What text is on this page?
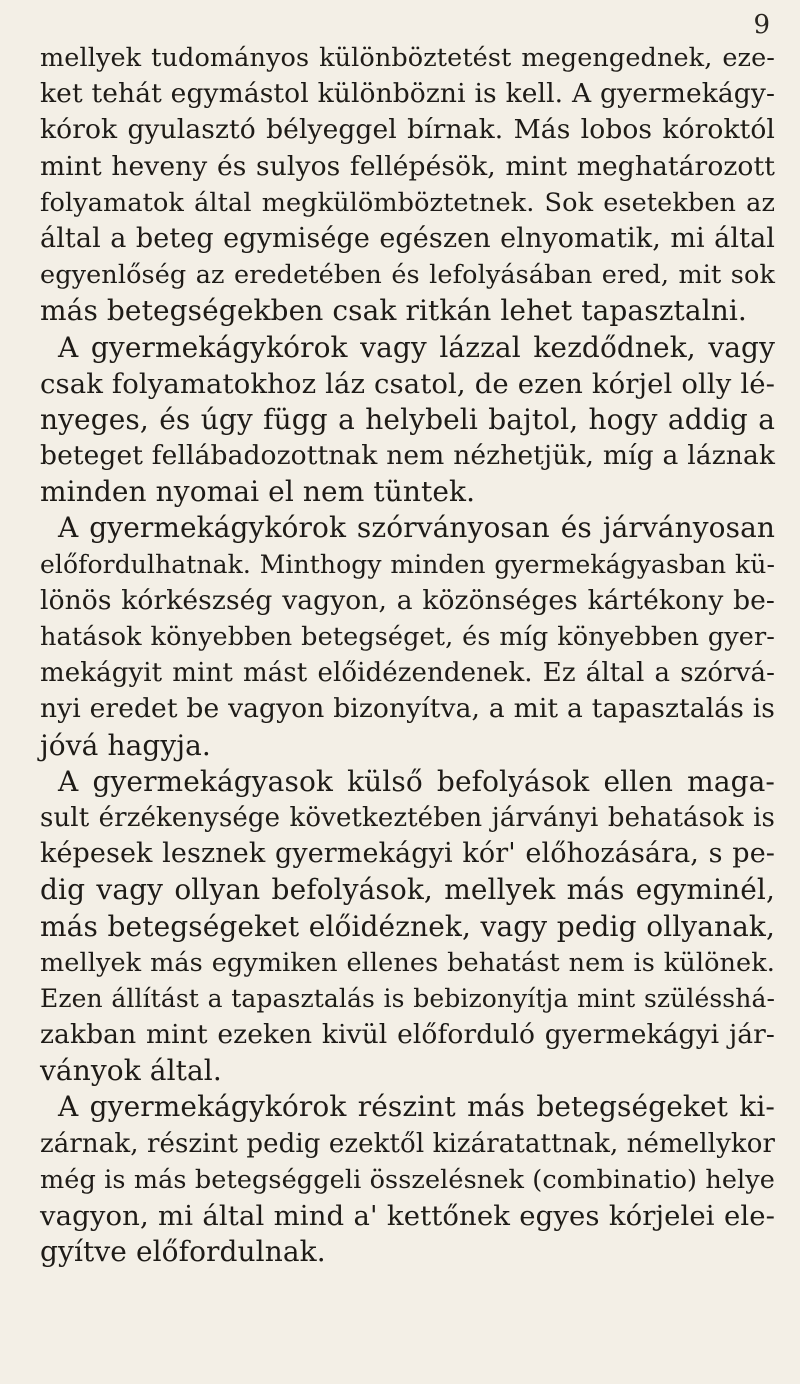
9
mellyek tudományos különböztetést megengednek, eze-
ket tehát egymástol különbözni is kell. A gyermekágy-
kórok gyulasztó bélyeggel bírnak. Más lobos kóroktól
mint heveny és sulyos fellépésök, mint meghatározott
folyamatok által megkülömböztetnek. Sok esetekben az
által a beteg egymisége egészen elnyomatik, mi által
egyenlőség az eredetében és lefolyásában ered, mit sok
más betegségekben csak ritkán lehet tapasztalni.
A gyermekágykórok vagy lázzal kezdődnek, vagy
csak folyamatokhoz láz csatol, de ezen kórjel olly lé-
nyeges, és úgy függ a helybeli bajtol, hogy addig a
beteget fellábadozottnak nem nézhetjük, míg a láznak
minden nyomai el nem tüntek.
A gyermekágykórok szórványosan és járványosan
előfordulhatnak. Minthogy minden gyermekágyasban kü-
lönös kórkészség vagyon, a közönséges kártékony be-
hatások könyebben betegséget, és míg könyebben gyer-
mekágyit mint mást előidézendenek. Ez által a szórvá-
nyi eredet be vagyon bizonyítva, a mit a tapasztalás is
jóvá hagyja.
A gyermekágyasok külső befolyások ellen maga-
sult érzékenysége következtében járványi behatások is
képesek lesznek gyermekágyi kór' előhozására, s pe-
dig vagy ollyan befolyások, mellyek más egyminél,
más betegségeket előidéznek, vagy pedig ollyanak,
mellyek más egymiken ellenes behatást nem is különek.
Ezen állítást a tapasztalás is bebizonyítja mint szülésshá-
zakban mint ezeken kivül előforduló gyermekágyi jár-
ványok által.
A gyermekágykórok részint más betegségeket ki-
zárnak, részint pedig ezektől kizáratattnak, némellykor
még is más betegséggeli összelésnek (combinatio) helye
vagyon, mi által mind a' kettőnek egyes kórjelei ele-
gyítve előfordulnak.
